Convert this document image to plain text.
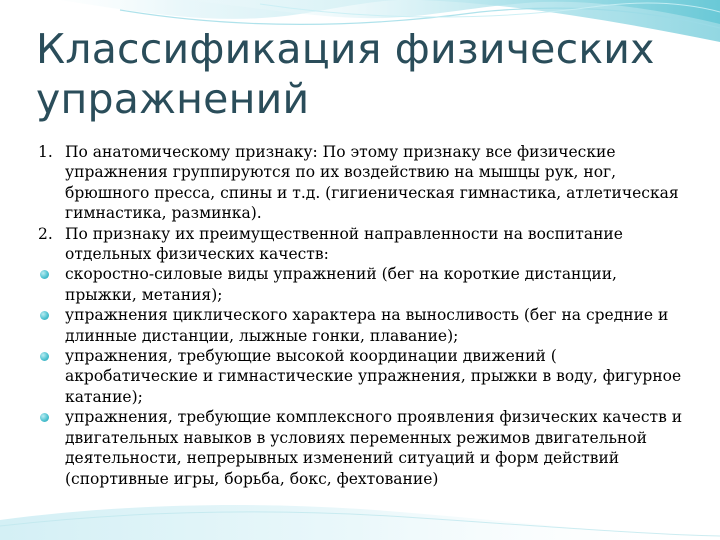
Классификация физических упражнений
1. По анатомическому признаку: По этому признаку все физические упражнения группируются по их воздействию на мышцы рук, ног, брюшного пресса, спины и т.д. (гигиеническая гимнастика, атлетическая гимнастика, разминка).
2. По признаку их преимущественной направленности на воспитание отдельных физических качеств:
скоростно-силовые виды упражнений (бег на короткие дистанции, прыжки, метания);
упражнения циклического характера на выносливость (бег на средние и длинные дистанции, лыжные гонки, плавание);
упражнения, требующие высокой координации движений ( акробатические и гимнастические упражнения, прыжки в воду, фигурное катание);
упражнения, требующие комплексного проявления физических качеств и двигательных навыков в условиях переменных режимов двигательной деятельности, непрерывных изменений ситуаций и форм действий (спортивные игры, борьба, бокс, фехтование)
